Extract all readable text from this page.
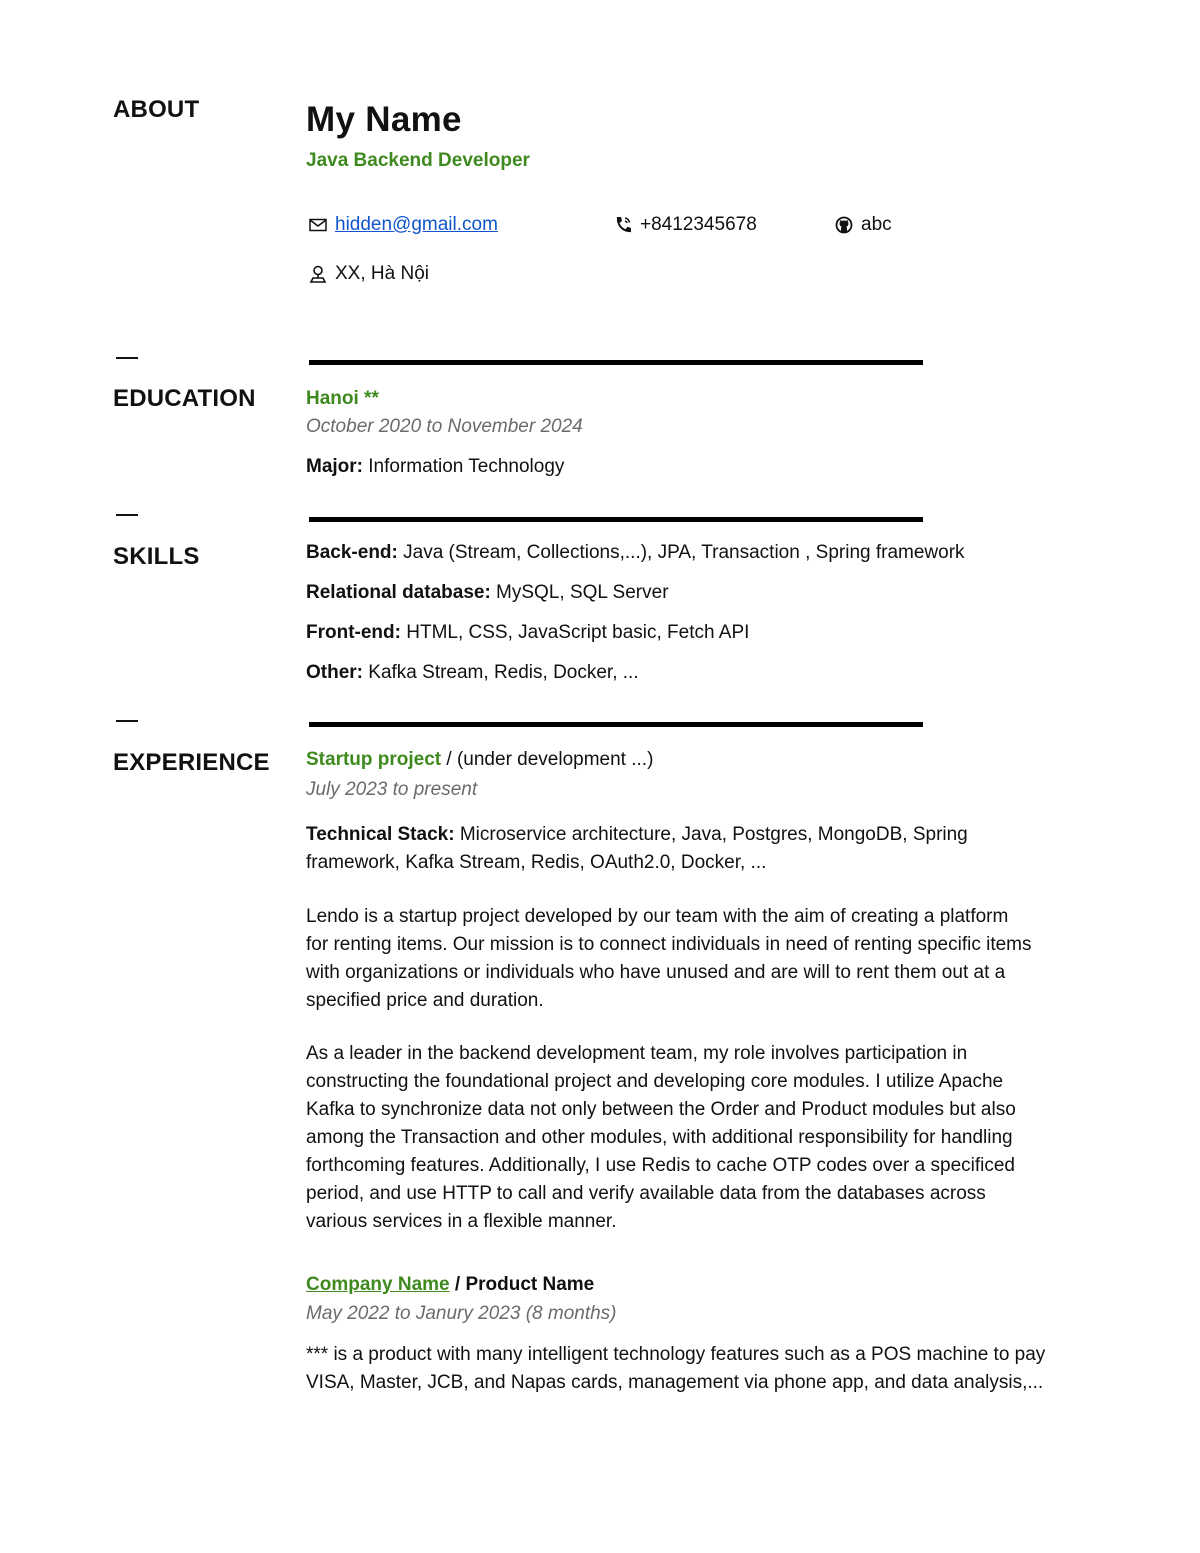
ABOUT	My Name
Java Backend Developer
hidden@gmail.com	+8412345678	abc
XX, Hà Nội
EDUCATION	Hanoi **
October 2020 to November 2024
Major: Information Technology
SKILLS	Back-end: Java (Stream, Collections,...), JPA, Transaction , Spring framework
Relational database: MySQL, SQL Server
Front-end: HTML, CSS, JavaScript basic, Fetch API
Other: Kafka Stream, Redis, Docker, ...
EXPERIENCE Startup project / (under development ...)
July 2023 to present
Technical Stack: Microservice architecture, Java, Postgres, MongoDB, Spring
framework, Kafka Stream, Redis, OAuth2.0, Docker, ...
Lendo is a startup project developed by our team with the aim of creating a platform
for renting items. Our mission is to connect individuals in need of renting specific items
with organizations or individuals who have unused and are will to rent them out at a
specified price and duration.
As a leader in the backend development team, my role involves participation in
constructing the foundational project and developing core modules. I utilize Apache
Kafka to synchronize data not only between the Order and Product modules but also
among the Transaction and other modules, with additional responsibility for handling
forthcoming features. Additionally, I use Redis to cache OTP codes over a specificed
period, and use HTTP to call and verify available data from the databases across
various services in a flexible manner.
Company Name / Product Name
May 2022 to Janury 2023 (8 months)
*** is a product with many intelligent technology features such as a POS machine to pay
VISA, Master, JCB, and Napas cards, management via phone app, and data analysis,...
